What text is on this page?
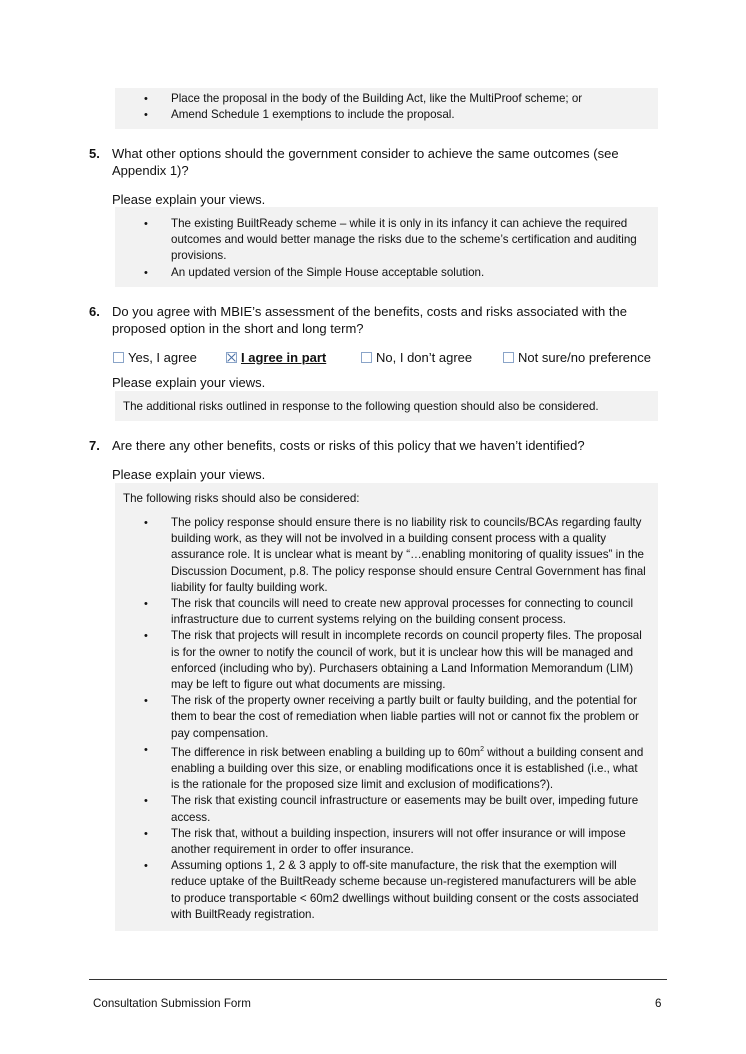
• Place the proposal in the body of the Building Act, like the MultiProof scheme; or
• Amend Schedule 1 exemptions to include the proposal.
5. What other options should the government consider to achieve the same outcomes (see Appendix 1)?
Please explain your views.
• The existing BuiltReady scheme – while it is only in its infancy it can achieve the required outcomes and would better manage the risks due to the scheme’s certification and auditing provisions.
• An updated version of the Simple House acceptable solution.
6. Do you agree with MBIE’s assessment of the benefits, costs and risks associated with the proposed option in the short and long term?
Yes, I agree	I agree in part	No, I don’t agree	Not sure/no preference
Please explain your views.
The additional risks outlined in response to the following question should also be considered.
7. Are there any other benefits, costs or risks of this policy that we haven’t identified?
Please explain your views.
The following risks should also be considered:
• The policy response should ensure there is no liability risk to councils/BCAs regarding faulty building work, as they will not be involved in a building consent process with a quality assurance role. It is unclear what is meant by “…enabling monitoring of quality issues” in the Discussion Document, p.8. The policy response should ensure Central Government has final liability for faulty building work.
• The risk that councils will need to create new approval processes for connecting to council infrastructure due to current systems relying on the building consent process.
• The risk that projects will result in incomplete records on council property files. The proposal is for the owner to notify the council of work, but it is unclear how this will be managed and enforced (including who by). Purchasers obtaining a Land Information Memorandum (LIM) may be left to figure out what documents are missing.
• The risk of the property owner receiving a partly built or faulty building, and the potential for them to bear the cost of remediation when liable parties will not or cannot fix the problem or pay compensation.
• The difference in risk between enabling a building up to $60m^2$ without a building consent and enabling a building over this size, or enabling modifications once it is established (i.e., what is the rationale for the proposed size limit and exclusion of modifications?).
• The risk that existing council infrastructure or easements may be built over, impeding future access.
• The risk that, without a building inspection, insurers will not offer insurance or will impose another requirement in order to offer insurance.
• Assuming options 1, 2 & 3 apply to off-site manufacture, the risk that the exemption will reduce uptake of the BuiltReady scheme because un-registered manufacturers will be able to produce transportable < 60m2 dwellings without building consent or the costs associated with BuiltReady registration.
Consultation Submission Form	6
